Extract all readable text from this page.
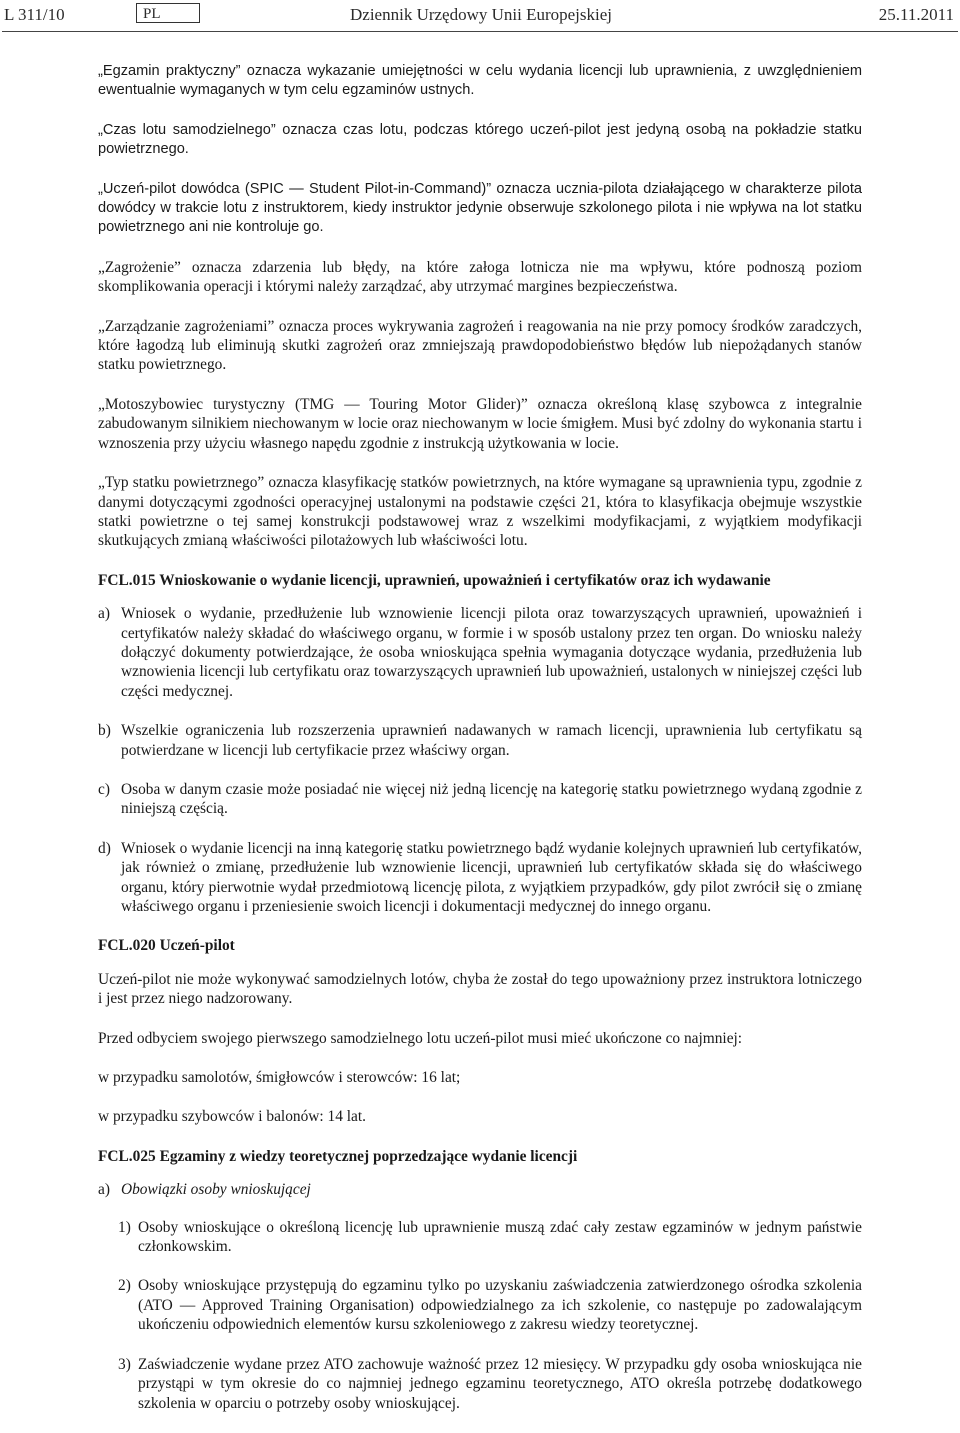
L 311/10	PL	Dziennik Urzędowy Unii Europejskiej	25.11.2011

„Egzamin praktyczny” oznacza wykazanie umiejętności w celu wydania licencji lub uprawnienia, z uwzględnieniem ewentualnie wymaganych w tym celu egzaminów ustnych.

„Czas lotu samodzielnego” oznacza czas lotu, podczas którego uczeń-pilot jest jedyną osobą na pokładzie statku powietrznego.

„Uczeń-pilot dowódca (SPIC — Student Pilot-in-Command)” oznacza ucznia-pilota działającego w charakterze pilota dowódcy w trakcie lotu z instruktorem, kiedy instruktor jedynie obserwuje szkolonego pilota i nie wpływa na lot statku powietrznego ani nie kontroluje go.

„Zagrożenie” oznacza zdarzenia lub błędy, na które załoga lotnicza nie ma wpływu, które podnoszą poziom skomplikowania operacji i którymi należy zarządzać, aby utrzymać margines bezpieczeństwa.

„Zarządzanie zagrożeniami” oznacza proces wykrywania zagrożeń i reagowania na nie przy pomocy środków zaradczych, które łagodzą lub eliminują skutki zagrożeń oraz zmniejszają prawdopodobieństwo błędów lub niepożądanych stanów statku powietrznego.

„Motoszybowiec turystyczny (TMG — Touring Motor Glider)” oznacza określoną klasę szybowca z integralnie zabudowanym silnikiem niechowanym w locie oraz niechowanym w locie śmigłem. Musi być zdolny do wykonania startu i wznoszenia przy użyciu własnego napędu zgodnie z instrukcją użytkowania w locie.

„Typ statku powietrznego” oznacza klasyfikację statków powietrznych, na które wymagane są uprawnienia typu, zgodnie z danymi dotyczącymi zgodności operacyjnej ustalonymi na podstawie części 21, która to klasyfikacja obejmuje wszystkie statki powietrzne o tej samej konstrukcji podstawowej wraz z wszelkimi modyfikacjami, z wyjątkiem modyfikacji skutkujących zmianą właściwości pilotażowych lub właściwości lotu.

FCL.015 Wnioskowanie o wydanie licencji, uprawnień, upoważnień i certyfikatów oraz ich wydawanie
a) Wniosek o wydanie, przedłużenie lub wznowienie licencji pilota oraz towarzyszących uprawnień, upoważnień i certyfikatów należy składać do właściwego organu, w formie i w sposób ustalony przez ten organ. Do wniosku należy dołączyć dokumenty potwierdzające, że osoba wnioskująca spełnia wymagania dotyczące wydania, przedłużenia lub wznowienia licencji lub certyfikatu oraz towarzyszących uprawnień lub upoważnień, ustalonych w niniejszej części lub części medycznej.
b) Wszelkie ograniczenia lub rozszerzenia uprawnień nadawanych w ramach licencji, uprawnienia lub certyfikatu są potwierdzane w licencji lub certyfikacie przez właściwy organ.
c) Osoba w danym czasie może posiadać nie więcej niż jedną licencję na kategorię statku powietrznego wydaną zgodnie z niniejszą częścią.
d) Wniosek o wydanie licencji na inną kategorię statku powietrznego bądź wydanie kolejnych uprawnień lub certyfikatów, jak również o zmianę, przedłużenie lub wznowienie licencji, uprawnień lub certyfikatów składa się do właściwego organu, który pierwotnie wydał przedmiotową licencję pilota, z wyjątkiem przypadków, gdy pilot zwrócił się o zmianę właściwego organu i przeniesienie swoich licencji i dokumentacji medycznej do innego organu.
FCL.020 Uczeń-pilot

Uczeń-pilot nie może wykonywać samodzielnych lotów, chyba że został do tego upoważniony przez instruktora lotniczego i jest przez niego nadzorowany.

Przed odbyciem swojego pierwszego samodzielnego lotu uczeń-pilot musi mieć ukończone co najmniej:

w przypadku samolotów, śmigłowców i sterowców: 16 lat;

w przypadku szybowców i balonów: 14 lat.

FCL.025 Egzaminy z wiedzy teoretycznej poprzedzające wydanie licencji
a) Obowiązki osoby wnioskującej
1) Osoby wnioskujące o określoną licencję lub uprawnienie muszą zdać cały zestaw egzaminów w jednym państwie członkowskim.
2) Osoby wnioskujące przystępują do egzaminu tylko po uzyskaniu zaświadczenia zatwierdzonego ośrodka szkolenia (ATO — Approved Training Organisation) odpowiedzialnego za ich szkolenie, co następuje po zadowalającym ukończeniu odpowiednich elementów kursu szkoleniowego z zakresu wiedzy teoretycznej.
3) Zaświadczenie wydane przez ATO zachowuje ważność przez 12 miesięcy. W przypadku gdy osoba wnioskująca nie przystąpi w tym okresie do co najmniej jednego egzaminu teoretycznego, ATO określa potrzebę dodatkowego szkolenia w oparciu o potrzeby osoby wnioskującej.
